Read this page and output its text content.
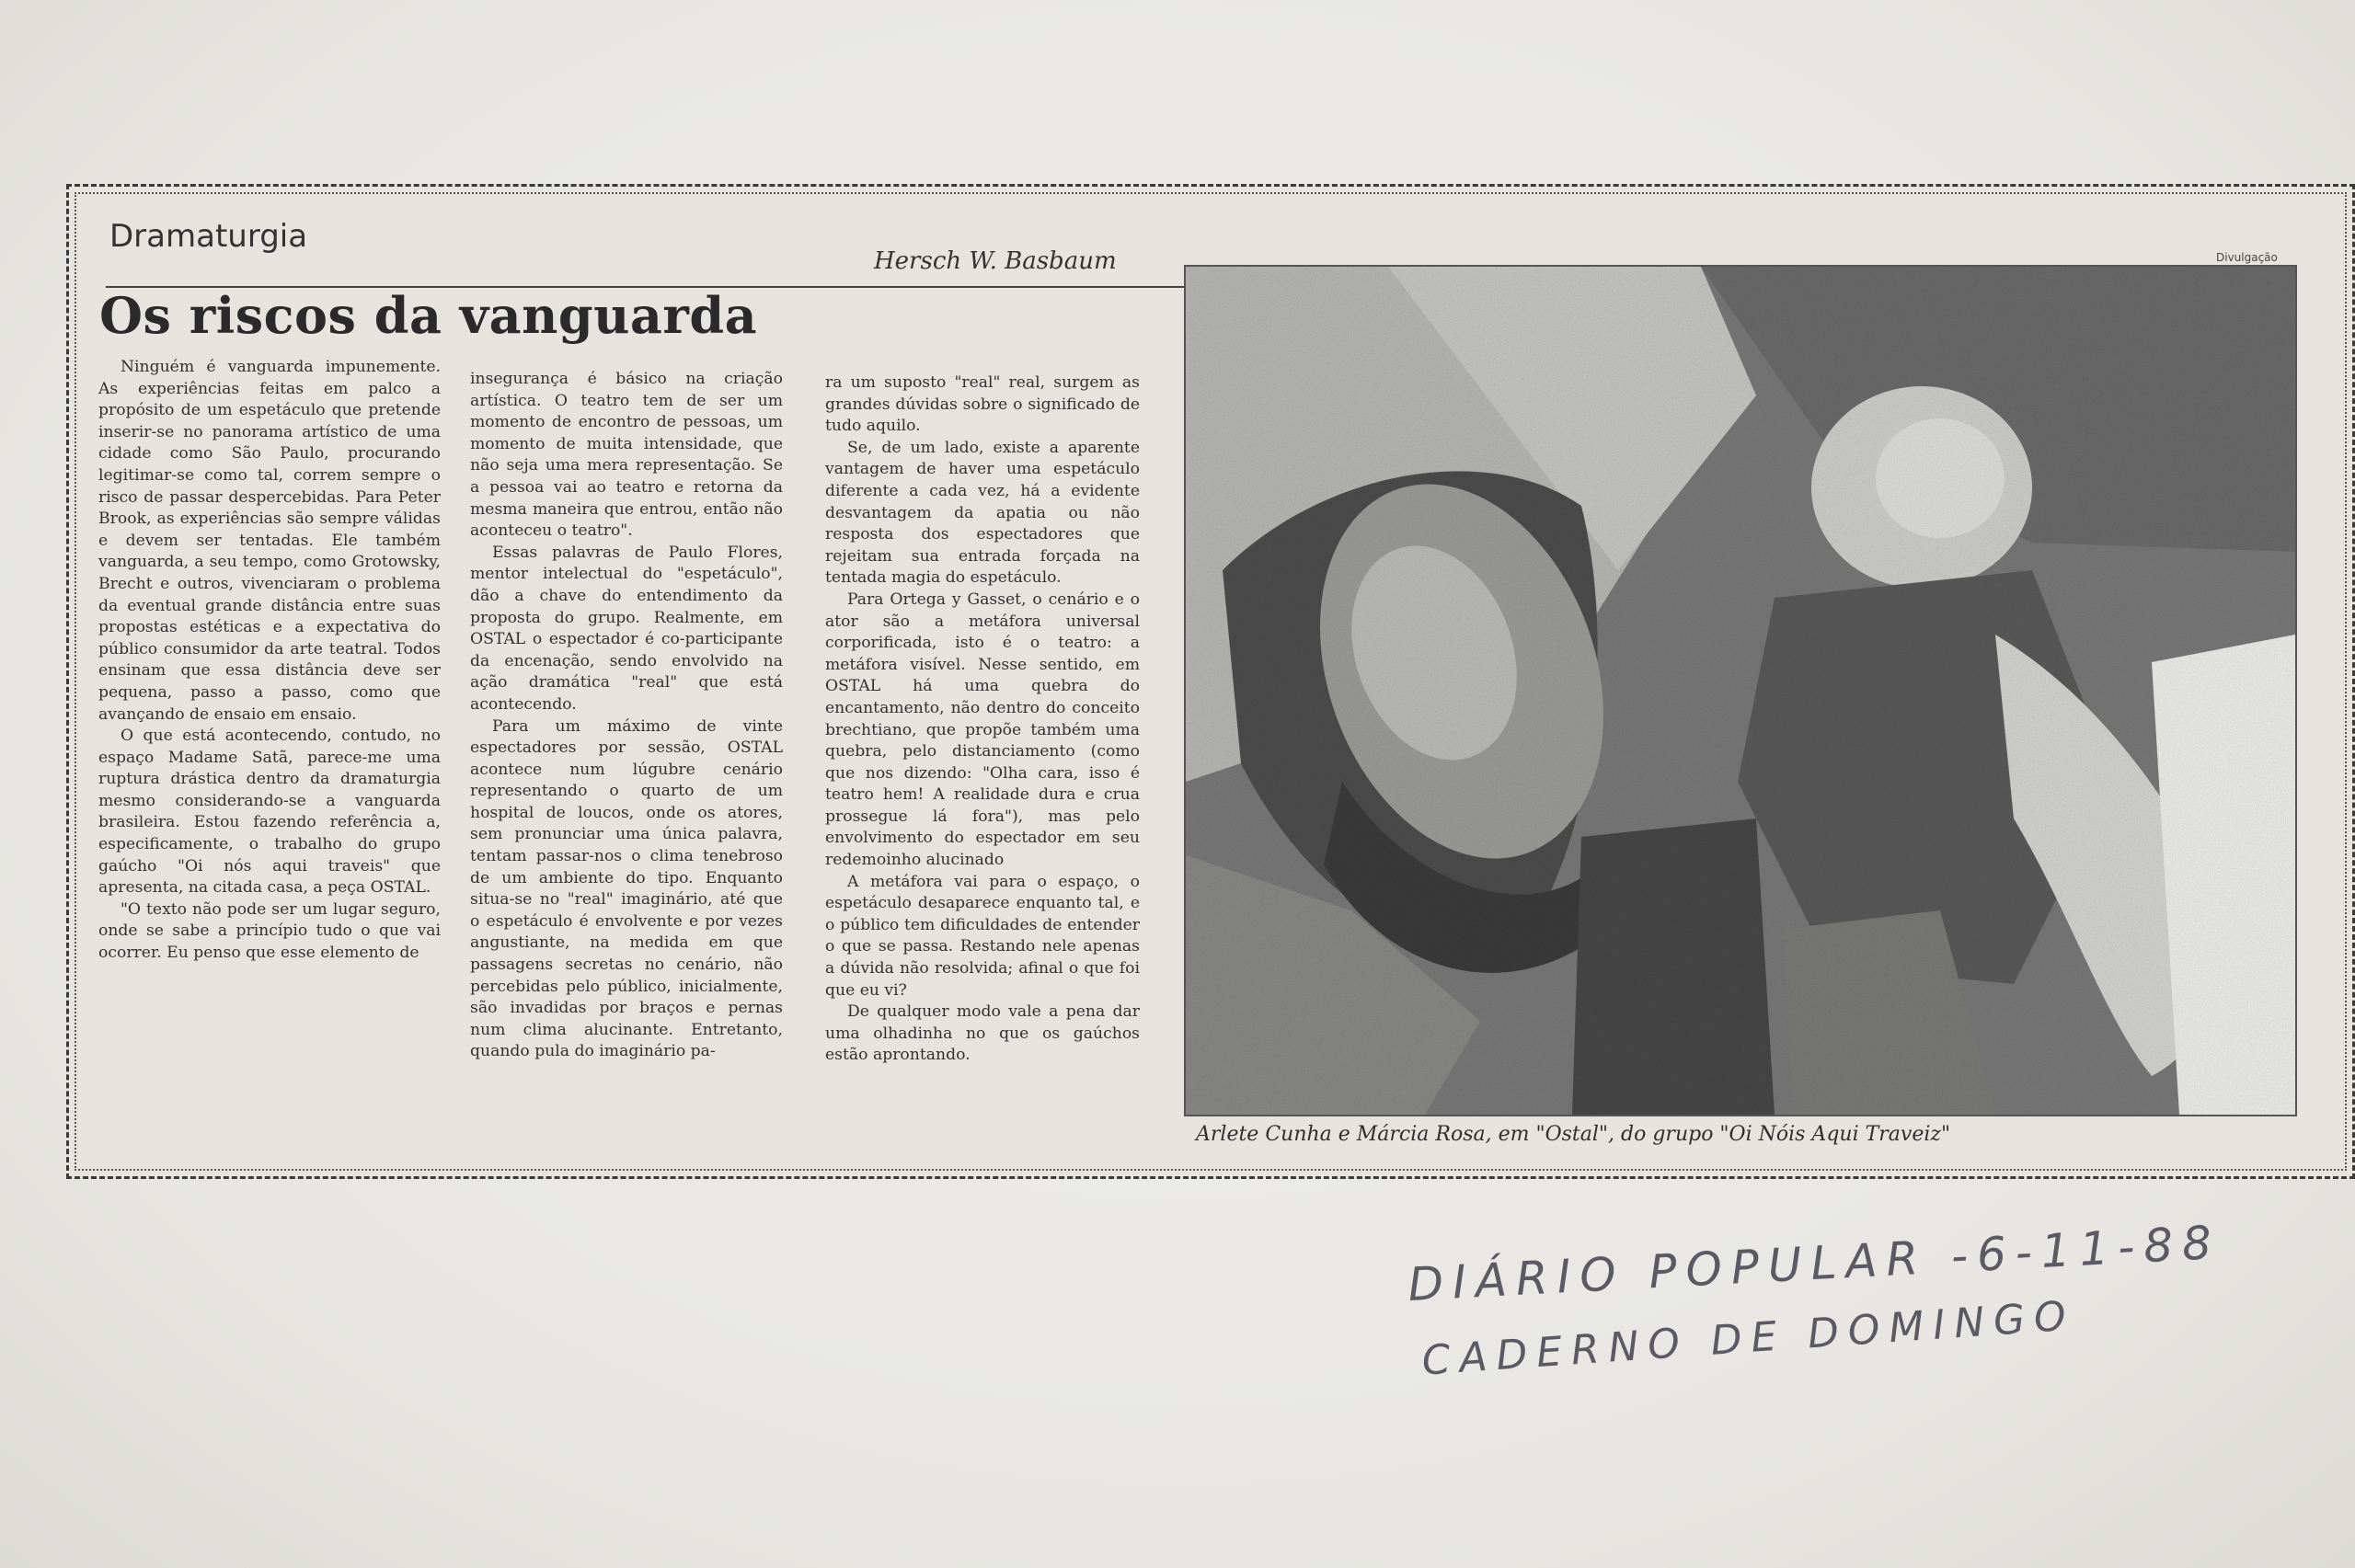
Dramaturgia
Hersch W. Basbaum
Os riscos da vanguarda

Ninguém é vanguarda impunemente. As experiências feitas em palco a propósito de um espetáculo que pretende inserir-se no panorama artístico de uma cidade como São Paulo, procurando legitimar-se como tal, correm sempre o risco de passar despercebidas. Para Peter Brook, as experiências são sempre válidas e devem ser tentadas. Ele também vanguarda, a seu tempo, como Grotowsky, Brecht e outros, vivenciaram o problema da eventual grande distância entre suas propostas estéticas e a expectativa do público consumidor da arte teatral. Todos ensinam que essa distância deve ser pequena, passo a passo, como que avançando de ensaio em ensaio.

O que está acontecendo, contudo, no espaço Madame Satã, parece-me uma ruptura drástica dentro da dramaturgia mesmo considerando-se a vanguarda brasileira. Estou fazendo referência a, especificamente, o trabalho do grupo gaúcho "Oi nós aqui traveis" que apresenta, na citada casa, a peça OSTAL.

"O texto não pode ser um lugar seguro, onde se sabe a princípio tudo o que vai ocorrer. Eu penso que esse elemento de

insegurança é básico na criação artística. O teatro tem de ser um momento de encontro de pessoas, um momento de muita intensidade, que não seja uma mera representação. Se a pessoa vai ao teatro e retorna da mesma maneira que entrou, então não aconteceu o teatro".

Essas palavras de Paulo Flores, mentor intelectual do "espetáculo", dão a chave do entendimento da proposta do grupo. Realmente, em OSTAL o espectador é co-participante da encenação, sendo envolvido na ação dramática "real" que está acontecendo.

Para um máximo de vinte espectadores por sessão, OSTAL acontece num lúgubre cenário representando o quarto de um hospital de loucos, onde os atores, sem pronunciar uma única palavra, tentam passar-nos o clima tenebroso de um ambiente do tipo. Enquanto situa-se no "real" imaginário, até que o espetáculo é envolvente e por vezes angustiante, na medida em que passagens secretas no cenário, não percebidas pelo público, inicialmente, são invadidas por braços e pernas num clima alucinante. Entretanto, quando pula do imaginário pa-

ra um suposto "real" real, surgem as grandes dúvidas sobre o significado de tudo aquilo.

Se, de um lado, existe a aparente vantagem de haver uma espetáculo diferente a cada vez, há a evidente desvantagem da apatia ou não resposta dos espectadores que rejeitam sua entrada forçada na tentada magia do espetáculo.

Para Ortega y Gasset, o cenário e o ator são a metáfora universal corporificada, isto é o teatro: a metáfora visível. Nesse sentido, em OSTAL há uma quebra do encantamento, não dentro do conceito brechtiano, que propõe também uma quebra, pelo distanciamento (como que nos dizendo: "Olha cara, isso é teatro hem! A realidade dura e crua prossegue lá fora"), mas pelo envolvimento do espectador em seu redemoinho alucinado

A metáfora vai para o espaço, o espetáculo desaparece enquanto tal, e o público tem dificuldades de entender o que se passa. Restando nele apenas a dúvida não resolvida; afinal o que foi que eu vi?

De qualquer modo vale a pena dar uma olhadinha no que os gaúchos estão aprontando.

Divulgação
Arlete Cunha e Márcia Rosa, em "Ostal", do grupo "Oi Nóis Aqui Traveiz"
DIÁRIO POPULAR -6-11-88
CADERNO DE DOMINGO
